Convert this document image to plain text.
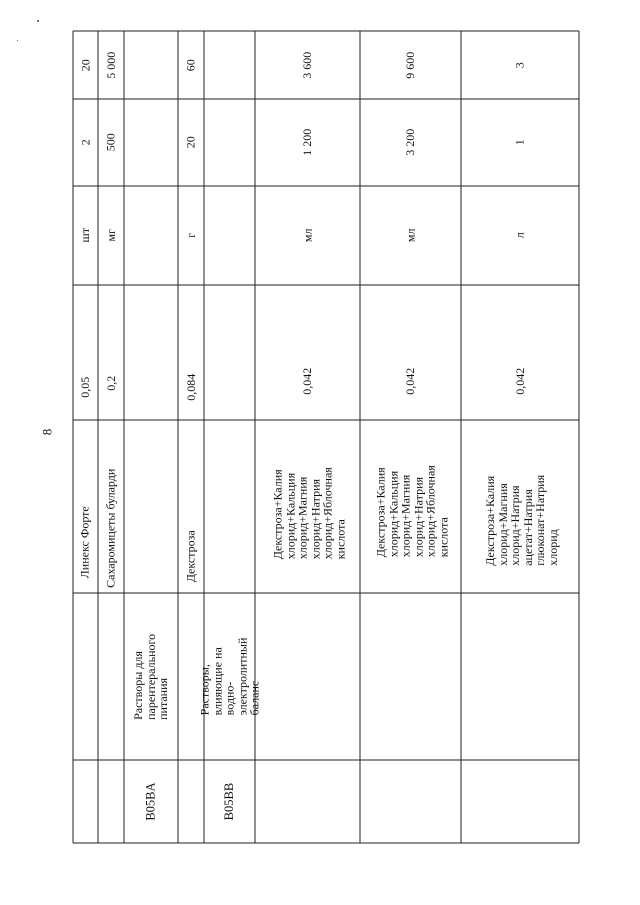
8
20
2
шт
0,05
Линекс Форте
5 000
500
мг
0,2
Сахаромицеты буларди
B05BA
Растворы для парентерального питания
60
20
г
0,084
Декстроза
B05BB
Растворы, влияющие на водно-электролитный баланс
3 600
1 200
мл
0,042
Декстроза+Калия хлорид+Кальция хлорид+Магния хлорид+Натрия хлорид+Яблочная кислота
9 600
3 200
мл
0,042
Декстроза+Калия хлорид+Кальция хлорид+Магния хлорид+Натрия хлорид+Яблочная кислота
3
1
л
0,042
Декстроза+Калия хлорид+Магния хлорид+Натрия ацетат+Натрия глюконат+Натрия хлорид
